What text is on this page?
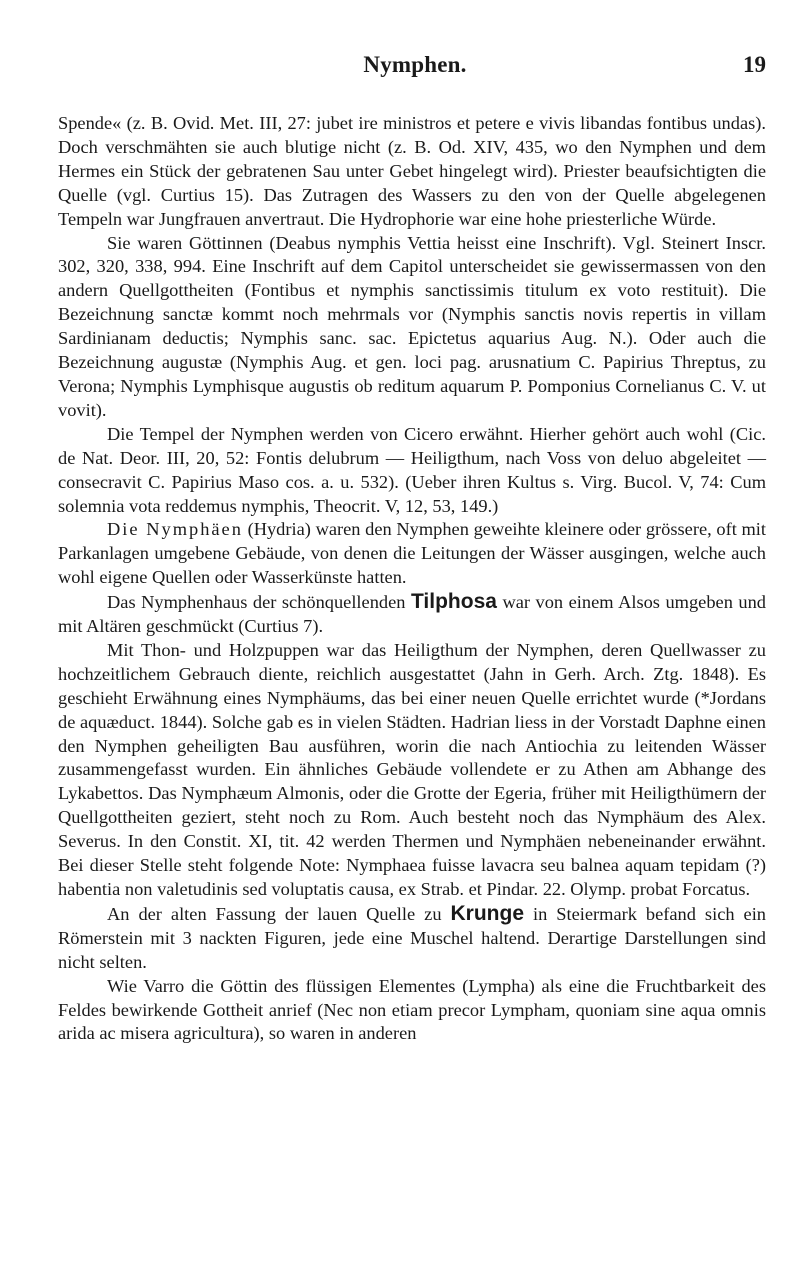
Nymphen.	19

Spende« (z. B. Ovid. Met. III, 27: jubet ire ministros et petere e vivis libandas fontibus undas). Doch verschmähten sie auch blutige nicht (z. B. Od. XIV, 435, wo den Nymphen und dem Hermes ein Stück der gebratenen Sau unter Gebet hingelegt wird). Priester beaufsichtigten die Quelle (vgl. Curtius 15). Das Zutragen des Wassers zu den von der Quelle abgelegenen Tempeln war Jungfrauen anvertraut. Die Hydrophorie war eine hohe priesterliche Würde.

Sie waren Göttinnen (Deabus nymphis Vettia heisst eine Inschrift). Vgl. Steinert Inscr. 302, 320, 338, 994. Eine Inschrift auf dem Capitol unterscheidet sie gewissermassen von den andern Quellgottheiten (Fontibus et nymphis sanctissimis titulum ex voto restituit). Die Bezeichnung sanctæ kommt noch mehrmals vor (Nymphis sanctis novis repertis in villam Sardinianam deductis; Nymphis sanc. sac. Epictetus aquarius Aug. N.). Oder auch die Bezeichnung augustæ (Nymphis Aug. et gen. loci pag. arusnatium C. Papirius Threptus, zu Verona; Nymphis Lymphisque augustis ob reditum aquarum P. Pomponius Cornelianus C. V. ut vovit).

Die Tempel der Nymphen werden von Cicero erwähnt. Hierher gehört auch wohl (Cic. de Nat. Deor. III, 20, 52: Fontis delubrum — Heiligthum, nach Voss von deluo abgeleitet — consecravit C. Papirius Maso cos. a. u. 532). (Ueber ihren Kultus s. Virg. Bucol. V, 74: Cum solemnia vota reddemus nymphis, Theocrit. V, 12, 53, 149.)

Die Nymphäen (Hydria) waren den Nymphen geweihte kleinere oder grössere, oft mit Parkanlagen umgebene Gebäude, von denen die Leitungen der Wässer ausgingen, welche auch wohl eigene Quellen oder Wasserkünste hatten.

Das Nymphenhaus der schönquellenden Tilphosa war von einem Alsos umgeben und mit Altären geschmückt (Curtius 7).

Mit Thon- und Holzpuppen war das Heiligthum der Nymphen, deren Quellwasser zu hochzeitlichem Gebrauch diente, reichlich ausgestattet (Jahn in Gerh. Arch. Ztg. 1848). Es geschieht Erwähnung eines Nymphäums, das bei einer neuen Quelle errichtet wurde (*Jordans de aquæduct. 1844). Solche gab es in vielen Städten. Hadrian liess in der Vorstadt Daphne einen den Nymphen geheiligten Bau ausführen, worin die nach Antiochia zu leitenden Wässer zusammengefasst wurden. Ein ähnliches Gebäude vollendete er zu Athen am Abhange des Lykabettos. Das Nymphæum Almonis, oder die Grotte der Egeria, früher mit Heiligthümern der Quellgottheiten geziert, steht noch zu Rom. Auch besteht noch das Nymphäum des Alex. Severus. In den Constit. XI, tit. 42 werden Thermen und Nymphäen nebeneinander erwähnt. Bei dieser Stelle steht folgende Note: Nymphaea fuisse lavacra seu balnea aquam tepidam (?) habentia non valetudinis sed voluptatis causa, ex Strab. et Pindar. 22. Olymp. probat Forcatus.

An der alten Fassung der lauen Quelle zu Krunge in Steiermark befand sich ein Römerstein mit 3 nackten Figuren, jede eine Muschel haltend. Derartige Darstellungen sind nicht selten.

Wie Varro die Göttin des flüssigen Elementes (Lympha) als eine die Fruchtbarkeit des Feldes bewirkende Gottheit anrief (Nec non etiam precor Lympham, quoniam sine aqua omnis arida ac misera agricultura), so waren in anderen
